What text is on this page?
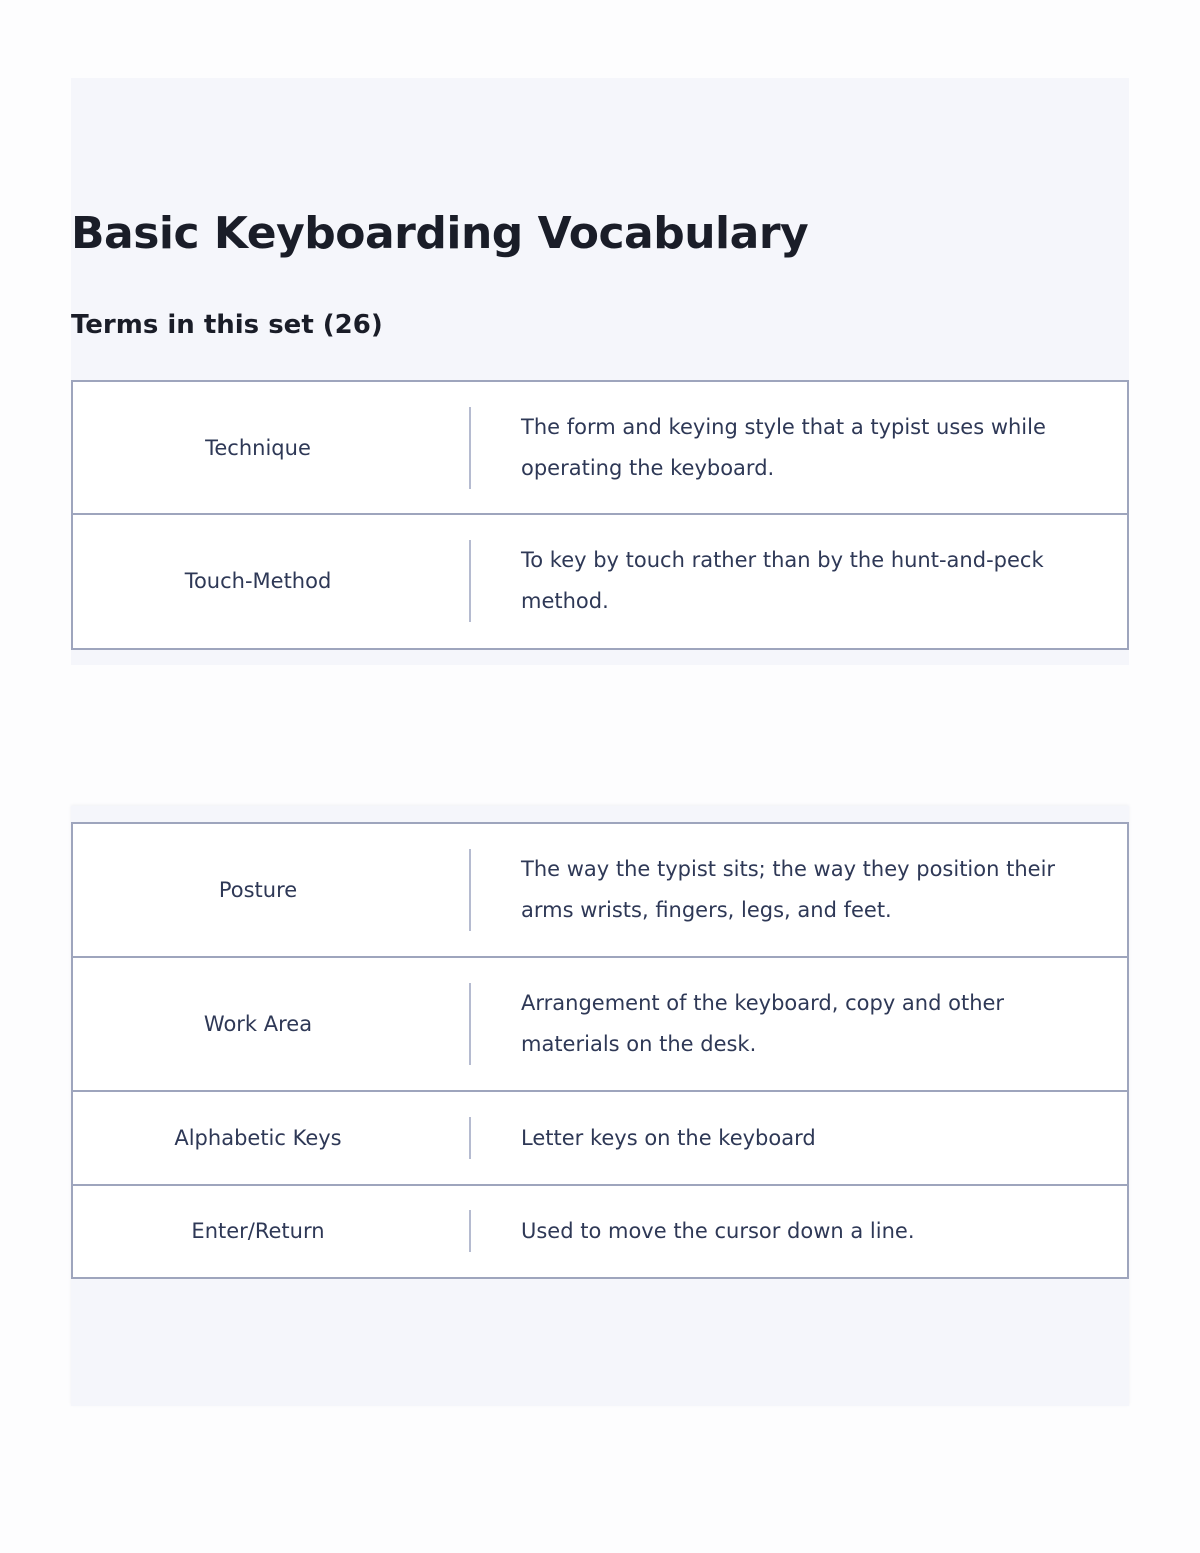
Basic Keyboarding Vocabulary
Terms in this set (26)
Technique
The form and keying style that a typist uses while operating the keyboard.
Touch-Method
To key by touch rather than by the hunt-and-peck method.
Posture
The way the typist sits; the way they position their arms wrists, fingers, legs, and feet.
Work Area
Arrangement of the keyboard, copy and other materials on the desk.
Alphabetic Keys	Letter keys on the keyboard
Enter/Return	Used to move the cursor down a line.
